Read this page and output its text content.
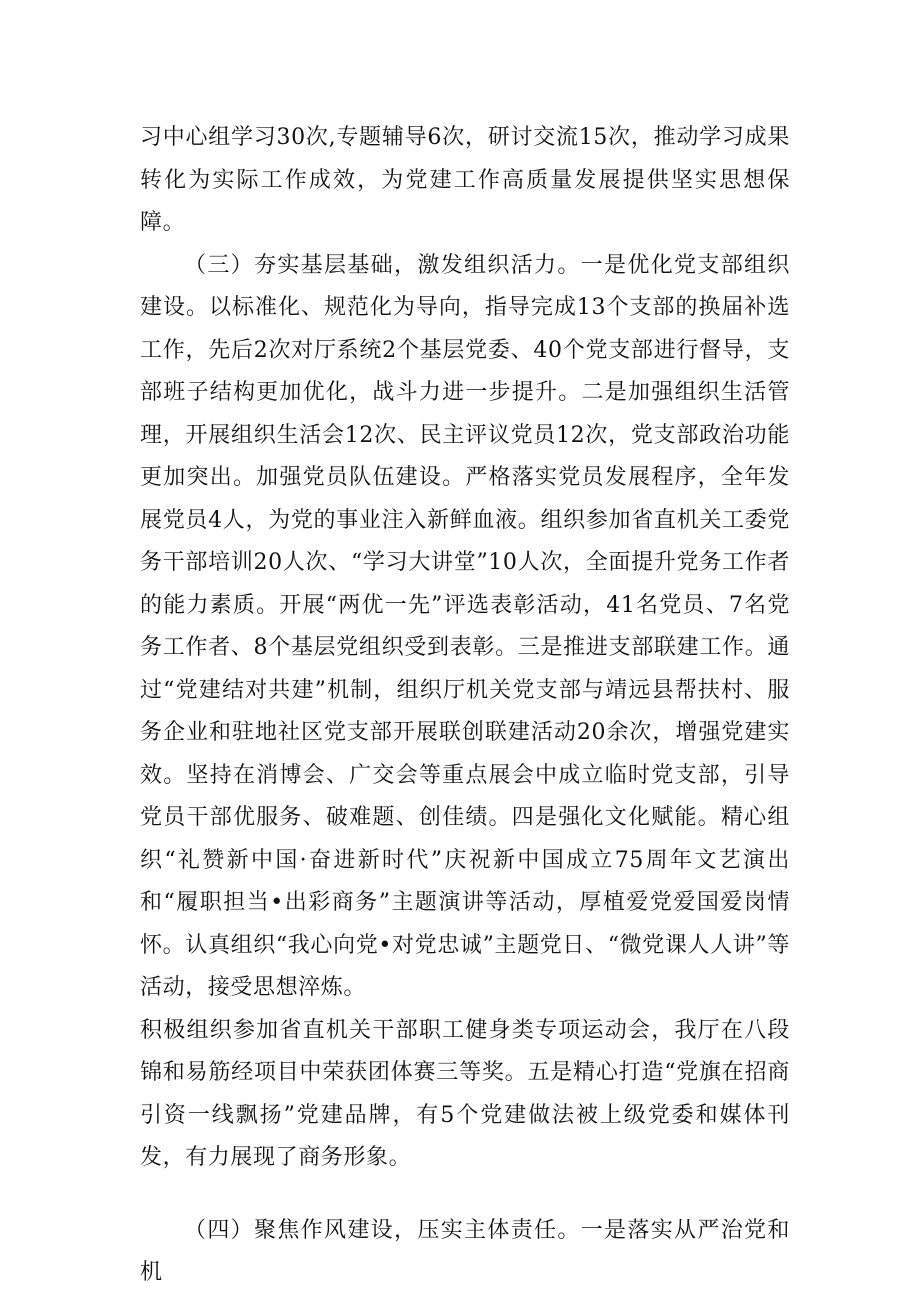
习中心组学习30次,专题辅导6次，研讨交流15次，推动学习成果转化为实际工作成效，为党建工作高质量发展提供坚实思想保障。

（三）夯实基层基础，激发组织活力。一是优化党支部组织建设。以标准化、规范化为导向，指导完成13个支部的换届补选工作，先后2次对厅系统2个基层党委、40个党支部进行督导，支部班子结构更加优化，战斗力进一步提升。二是加强组织生活管理，开展组织生活会12次、民主评议党员12次，党支部政治功能更加突出。加强党员队伍建设。严格落实党员发展程序，全年发展党员4人，为党的事业注入新鲜血液。组织参加省直机关工委党务干部培训20人次、“学习大讲堂”10人次，全面提升党务工作者的能力素质。开展“两优一先”评选表彰活动，41名党员、7名党务工作者、8个基层党组织受到表彰。三是推进支部联建工作。通过“党建结对共建”机制，组织厅机关党支部与靖远县帮扶村、服务企业和驻地社区党支部开展联创联建活动20余次，增强党建实效。坚持在消博会、广交会等重点展会中成立临时党支部，引导党员干部优服务、破难题、创佳绩。四是强化文化赋能。精心组织“礼赞新中国·奋进新时代”庆祝新中国成立75周年文艺演出和“履职担当•出彩商务”主题演讲等活动，厚植爱党爱国爱岗情怀。认真组织“我心向党•对党忠诚”主题党日、“微党课人人讲”等活动，接受思想淬炼。

积极组织参加省直机关干部职工健身类专项运动会，我厅在八段锦和易筋经项目中荣获团体赛三等奖。五是精心打造“党旗在招商引资一线飘扬”党建品牌，有5个党建做法被上级党委和媒体刊发，有力展现了商务形象。

（四）聚焦作风建设，压实主体责任。一是落实从严治党和机
